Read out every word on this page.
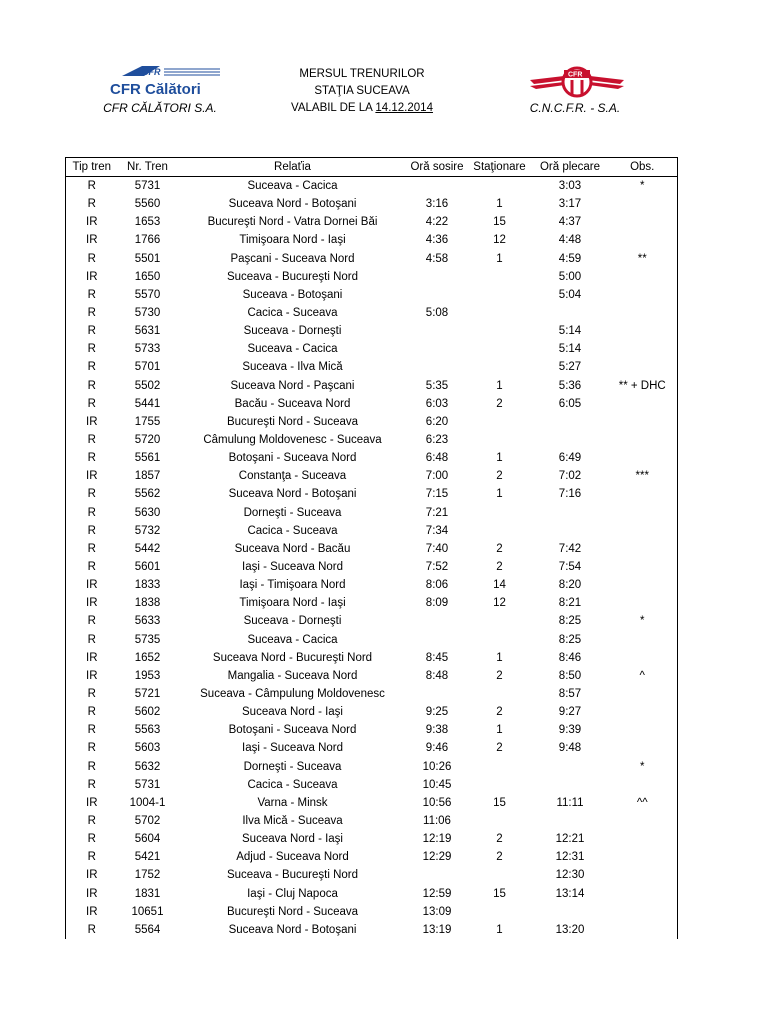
CFR
CFR Călători
CFR CĂLĂTORI S.A.
MERSUL TRENURILOR
STAŢIA SUCEAVA
VALABIL DE LA 14.12.2014
CFR
C.N.C.F.R. - S.A.
Tip tren	Nr. Tren	Relaťia	Oră sosire	Staţionare	Oră plecare	Obs.
R	5731	Suceava - Cacica			3:03	*
R	5560	Suceava Nord - Botoşani	3:16	1	3:17	
IR	1653	Bucureşti Nord - Vatra Dornei Băi	4:22	15	4:37	
IR	1766	Timişoara Nord - Iaşi	4:36	12	4:48	
R	5501	Paşcani - Suceava Nord	4:58	1	4:59	**
IR	1650	Suceava - Bucureşti Nord			5:00	
R	5570	Suceava - Botoşani			5:04	
R	5730	Cacica - Suceava	5:08			
R	5631	Suceava - Dorneşti			5:14	
R	5733	Suceava - Cacica			5:14	
R	5701	Suceava - Ilva Mică			5:27	
R	5502	Suceava Nord - Paşcani	5:35	1	5:36	** + DHC
R	5441	Bacău - Suceava Nord	6:03	2	6:05	
IR	1755	Bucureşti Nord - Suceava	6:20			
R	5720	Câmulung Moldovenesc - Suceava	6:23			
R	5561	Botoşani - Suceava Nord	6:48	1	6:49	
IR	1857	Constanţa - Suceava	7:00	2	7:02	***
R	5562	Suceava Nord - Botoşani	7:15	1	7:16	
R	5630	Dorneşti - Suceava	7:21			
R	5732	Cacica - Suceava	7:34			
R	5442	Suceava Nord - Bacău	7:40	2	7:42	
R	5601	Iaşi - Suceava Nord	7:52	2	7:54	
IR	1833	Iaşi - Timişoara Nord	8:06	14	8:20	
IR	1838	Timişoara Nord - Iaşi	8:09	12	8:21	
R	5633	Suceava - Dorneşti			8:25	*
R	5735	Suceava - Cacica			8:25	
IR	1652	Suceava Nord - Bucureşti Nord	8:45	1	8:46	
IR	1953	Mangalia - Suceava Nord	8:48	2	8:50	^
R	5721	Suceava - Câmpulung Moldovenesc			8:57	
R	5602	Suceava Nord - Iaşi	9:25	2	9:27	
R	5563	Botoşani - Suceava Nord	9:38	1	9:39	
R	5603	Iaşi - Suceava Nord	9:46	2	9:48	
R	5632	Dorneşti - Suceava	10:26			*
R	5731	Cacica - Suceava	10:45			
IR	1004-1	Varna - Minsk	10:56	15	11:11	^^
R	5702	Ilva Mică - Suceava	11:06			
R	5604	Suceava Nord - Iaşi	12:19	2	12:21	
R	5421	Adjud - Suceava Nord	12:29	2	12:31	
IR	1752	Suceava - Bucureşti Nord			12:30	
IR	1831	Iaşi - Cluj Napoca	12:59	15	13:14	
IR	10651	Bucureşti Nord - Suceava	13:09			
R	5564	Suceava Nord - Botoşani	13:19	1	13:20	
